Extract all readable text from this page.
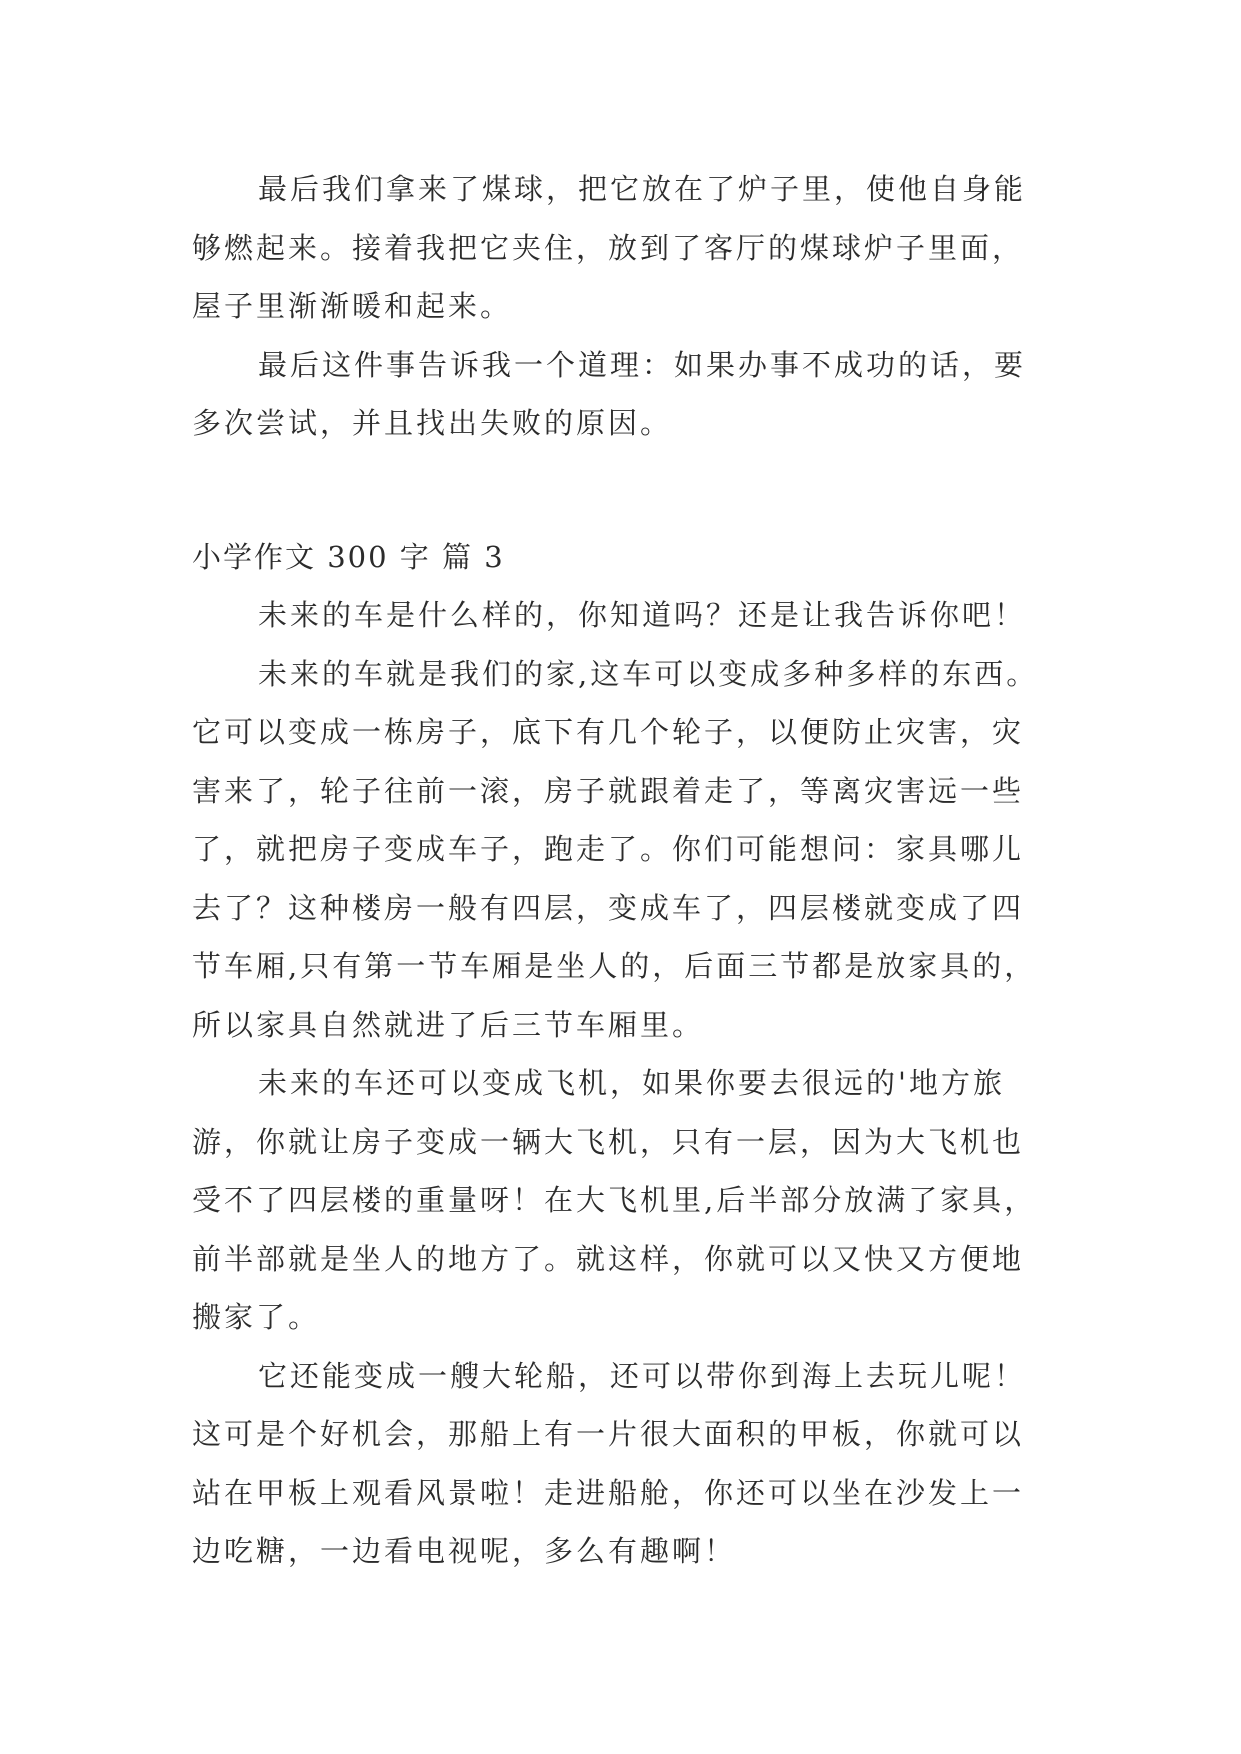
最后我们拿来了煤球，把它放在了炉子里，使他自身能
够燃起来。接着我把它夹住，放到了客厅的煤球炉子里面，
屋子里渐渐暖和起来。
最后这件事告诉我一个道理：如果办事不成功的话，要
多次尝试，并且找出失败的原因。
小学作文 300 字 篇 3
未来的车是什么样的，你知道吗？还是让我告诉你吧！
未来的车就是我们的家,这车可以变成多种多样的东西。
它可以变成一栋房子，底下有几个轮子，以便防止灾害，灾
害来了，轮子往前一滚，房子就跟着走了，等离灾害远一些
了，就把房子变成车子，跑走了。你们可能想问：家具哪儿
去了？这种楼房一般有四层，变成车了，四层楼就变成了四
节车厢,只有第一节车厢是坐人的，后面三节都是放家具的，
所以家具自然就进了后三节车厢里。
未来的车还可以变成飞机，如果你要去很远的'地方旅
游，你就让房子变成一辆大飞机，只有一层，因为大飞机也
受不了四层楼的重量呀！在大飞机里,后半部分放满了家具，
前半部就是坐人的地方了。就这样，你就可以又快又方便地
搬家了。
它还能变成一艘大轮船，还可以带你到海上去玩儿呢！
这可是个好机会，那船上有一片很大面积的甲板，你就可以
站在甲板上观看风景啦！走进船舱，你还可以坐在沙发上一
边吃糖，一边看电视呢，多么有趣啊！
